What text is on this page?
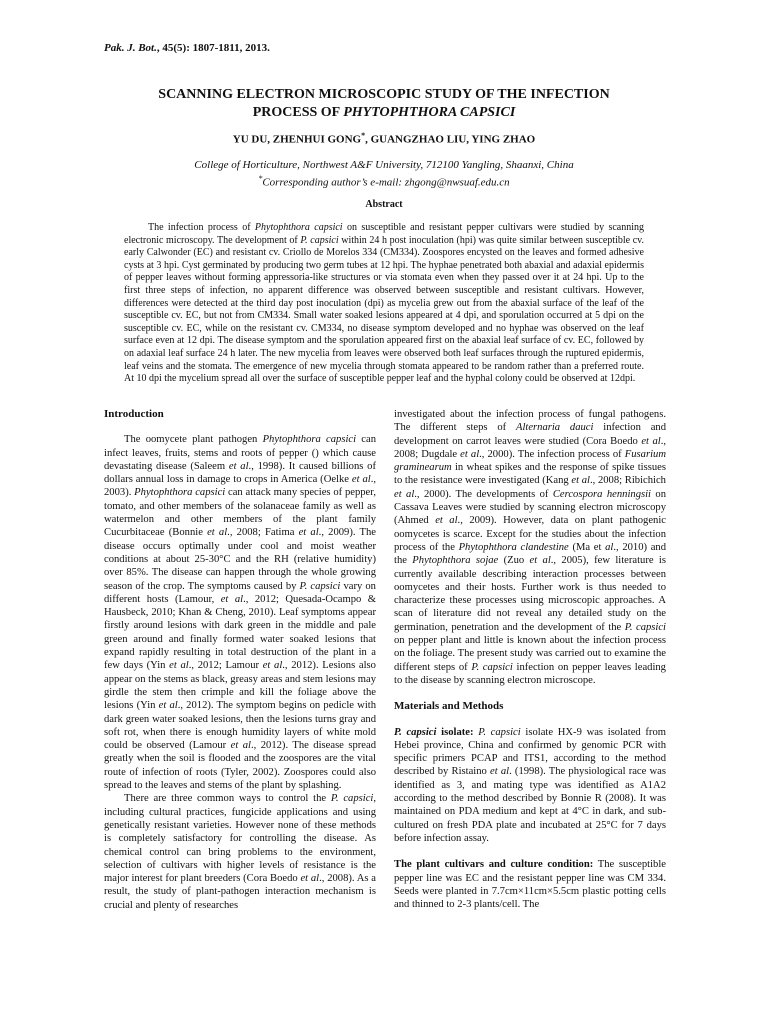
Pak. J. Bot., 45(5): 1807-1811, 2013.
SCANNING ELECTRON MICROSCOPIC STUDY OF THE INFECTION
PROCESS OF PHYTOPHTHORA CAPSICI
YU DU, ZHENHUI GONG*, GUANGZHAO LIU, YING ZHAO
College of Horticulture, Northwest A&F University, 712100 Yangling, Shaanxi, China
*Corresponding author’s e-mail: zhgong@nwsuaf.edu.cn
Abstract
The infection process of Phytophthora capsici on susceptible and resistant pepper cultivars were studied by scanning electronic microscopy. The development of P. capsici within 24 h post inoculation (hpi) was quite similar between susceptible cv. early Calwonder (EC) and resistant cv. Criollo de Morelos 334 (CM334). Zoospores encysted on the leaves and formed adhesive cysts at 3 hpi. Cyst germinated by producing two germ tubes at 12 hpi. The hyphae penetrated both abaxial and adaxial epidermis of pepper leaves without forming appressoria-like structures or via stomata even when they passed over it at 24 hpi. Up to the first three steps of infection, no apparent difference was observed between susceptible and resistant cultivars. However, differences were detected at the third day post inoculation (dpi) as mycelia grew out from the abaxial surface of the leaf of the susceptible cv. EC, but not from CM334. Small water soaked lesions appeared at 4 dpi, and sporulation occurred at 5 dpi on the susceptible cv. EC, while on the resistant cv. CM334, no disease symptom developed and no hyphae was observed on the leaf surface even at 12 dpi. The disease symptom and the sporulation appeared first on the abaxial leaf surface of cv. EC, followed by on adaxial leaf surface 24 h later. The new mycelia from leaves were observed both leaf surfaces through the ruptured epidermis, leaf veins and the stomata. The emergence of new mycelia through stomata appeared to be random rather than a preferred route. At 10 dpi the mycelium spread all over the surface of susceptible pepper leaf and the hyphal colony could be observed at 12dpi.
Introduction

The oomycete plant pathogen Phytophthora capsici can infect leaves, fruits, stems and roots of pepper () which cause devastating disease (Saleem et al., 1998). It caused billions of dollars annual loss in damage to crops in America (Oelke et al., 2003). Phytophthora capsici can attack many species of pepper, tomato, and other members of the solanaceae family as well as watermelon and other members of the plant family Cucurbitaceae (Bonnie et al., 2008; Fatima et al., 2009). The disease occurs optimally under cool and moist weather conditions at about 25-30°C and the RH (relative humidity) over 85%. The disease can happen through the whole growing season of the crop. The symptoms caused by P. capsici vary on different hosts (Lamour, et al., 2012; Quesada-Ocampo & Hausbeck, 2010; Khan & Cheng, 2010). Leaf symptoms appear firstly around lesions with dark green in the middle and pale green around and finally formed water soaked lesions that expand rapidly resulting in total destruction of the plant in a few days (Yin et al., 2012; Lamour et al., 2012). Lesions also appear on the stems as black, greasy areas and stem lesions may girdle the stem then crimple and kill the foliage above the lesions (Yin et al., 2012). The symptom begins on pedicle with dark green water soaked lesions, then the lesions turns gray and soft rot, when there is enough humidity layers of white mold could be observed (Lamour et al., 2012). The disease spread greatly when the soil is flooded and the zoospores are the vital route of infection of roots (Tyler, 2002). Zoospores could also spread to the leaves and stems of the plant by splashing.

There are three common ways to control the P. capsici, including cultural practices, fungicide applications and using genetically resistant varieties. However none of these methods is completely satisfactory for controlling the disease. As chemical control can bring problems to the environment, selection of cultivars with higher levels of resistance is the major interest for plant breeders (Cora Boedo et al., 2008). As a result, the study of plant-pathogen interaction mechanism is crucial and plenty of researches

investigated about the infection process of fungal pathogens. The different steps of Alternaria dauci infection and development on carrot leaves were studied (Cora Boedo et al., 2008; Dugdale et al., 2000). The infection process of Fusarium graminearum in wheat spikes and the response of spike tissues to the resistance were investigated (Kang et al., 2008; Ribichich et al., 2000). The developments of Cercospora henningsii on Cassava Leaves were studied by scanning electron microscopy (Ahmed et al., 2009). However, data on plant pathogenic oomycetes is scarce. Except for the studies about the infection process of the Phytophthora clandestine (Ma et al., 2010) and the Phytophthora sojae (Zuo et al., 2005), few literature is currently available describing interaction processes between oomycetes and their hosts. Further work is thus needed to characterize these processes using microscopic approaches. A scan of literature did not reveal any detailed study on the germination, penetration and the development of the P. capsici on pepper plant and little is known about the infection process on the foliage. The present study was carried out to examine the different steps of P. capsici infection on pepper leaves leading to the disease by scanning electron microscope.

Materials and Methods

P. capsici isolate: P. capsici isolate HX-9 was isolated from Hebei province, China and confirmed by genomic PCR with specific primers PCAP and ITS1, according to the method described by Ristaino et al. (1998). The physiological race was identified as 3, and mating type was identified as A1A2 according to the method described by Bonnie R (2008). It was maintained on PDA medium and kept at 4°C in dark, and sub-cultured on fresh PDA plate and incubated at 25°C for 7 days before infection assay.

The plant cultivars and culture condition: The susceptible pepper line was EC and the resistant pepper line was CM 334. Seeds were planted in 7.7cm×11cm×5.5cm plastic potting cells and thinned to 2-3 plants/cell. The
